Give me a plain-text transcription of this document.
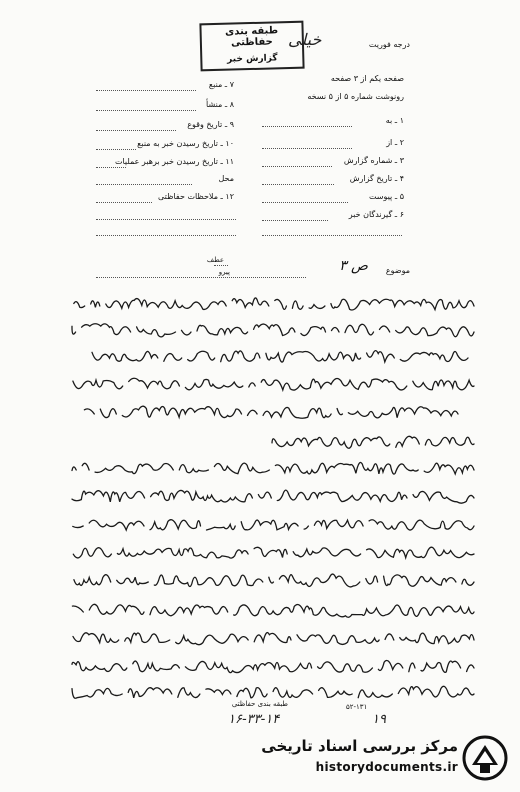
درجه فوریت
طبقه بندی حفاظتی
گزارش خبر
خیلی
صفحه یکم از ۳ صفحه
رونوشت شماره ۵ از ۵ نسخه
۱ ـ به
۲ ـ از
۳ ـ شماره گزارش
۴ ـ تاریخ گزارش
۵ ـ پیوست
۶ ـ گیرندگان خبر
۷ ـ منبع
۸ ـ منشأ
۹ ـ تاریخ وقوع
۱۰ ـ تاریخ رسیدن خبر به منبع
۱۱ ـ تاریخ رسیدن خبر برهبر عملیات
محل
۱۲ ـ ملاحظات حفاظتی
عطف
پیرو	موضوع
ص ۳
طبقه بندی حفاظتی	۵۲-۱۳۱
۱۶-۳۳-۱۴	۱۹
مرکز بررسی اسناد تاریخی
historydocuments.ir
